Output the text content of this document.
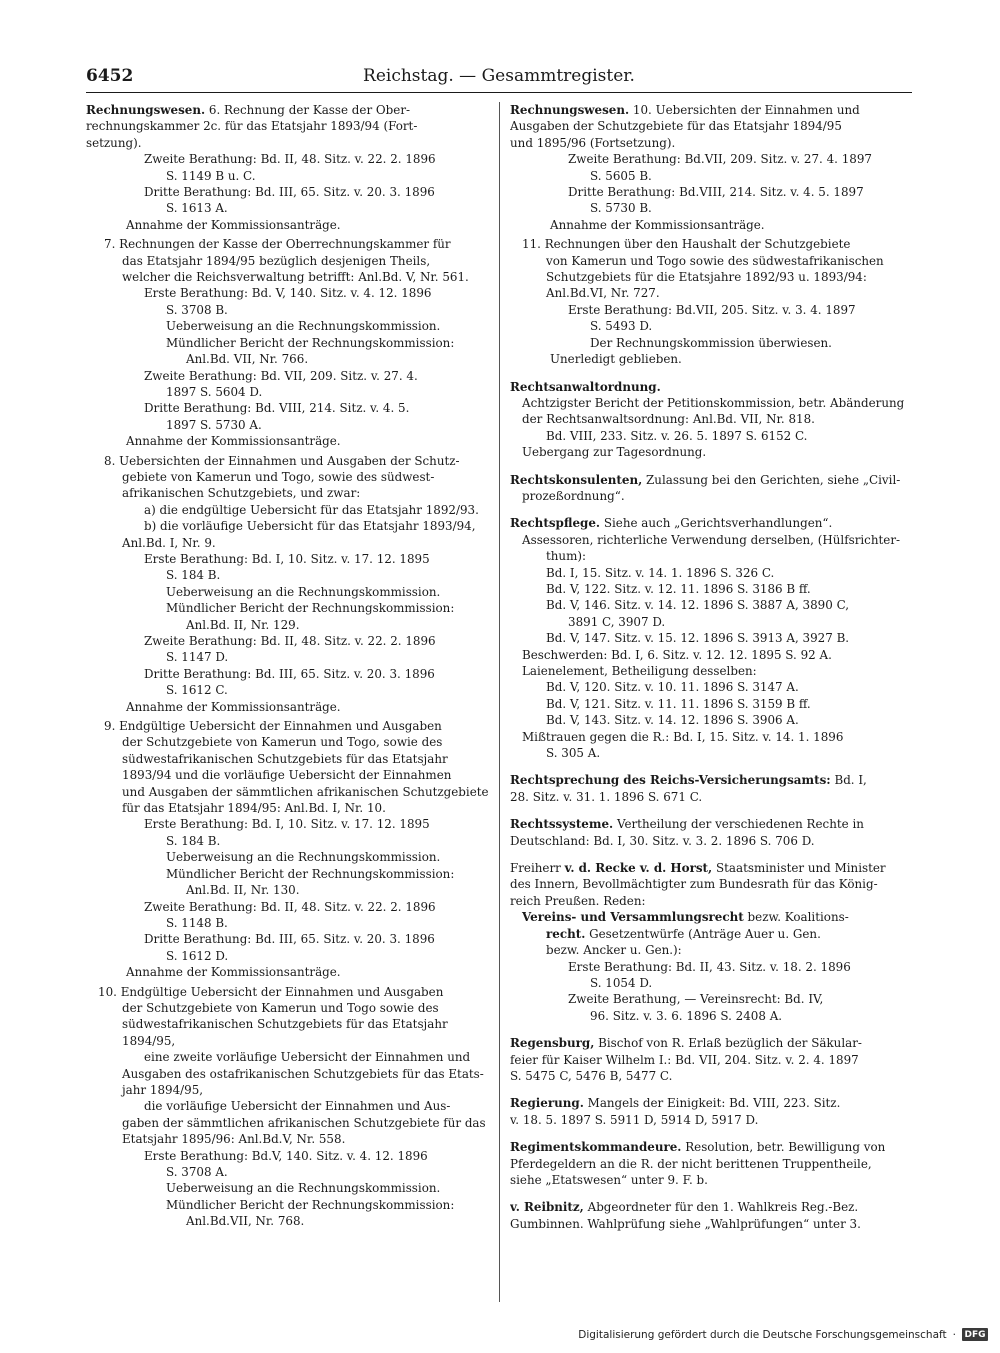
6452	Reichstag. — Gesammtregister.
Rechnungswesen. 6. Rechnung der Kasse der Ober-
rechnungskammer 2c. für das Etatsjahr 1893/94 (Fort-
setzung).
Zweite Berathung: Bd. II, 48. Sitz. v. 22. 2. 1896
S. 1149 B u. C.
Dritte Berathung: Bd. III, 65. Sitz. v. 20. 3. 1896
S. 1613 A.
Annahme der Kommissionsanträge.
7. Rechnungen der Kasse der Oberrechnungskammer für
das Etatsjahr 1894/95 bezüglich desjenigen Theils,
welcher die Reichsverwaltung betrifft: Anl.Bd. V, Nr. 561.
Erste Berathung: Bd. V, 140. Sitz. v. 4. 12. 1896
S. 3708 B.
Ueberweisung an die Rechnungskommission.
Mündlicher Bericht der Rechnungskommission:
Anl.Bd. VII, Nr. 766.
Zweite Berathung: Bd. VII, 209. Sitz. v. 27. 4.
1897 S. 5604 D.
Dritte Berathung: Bd. VIII, 214. Sitz. v. 4. 5.
1897 S. 5730 A.
Annahme der Kommissionsanträge.
8. Uebersichten der Einnahmen und Ausgaben der Schutz-
gebiete von Kamerun und Togo, sowie des südwest-
afrikanischen Schutzgebiets, und zwar:
a) die endgültige Uebersicht für das Etatsjahr 1892/93.
b) die vorläufige Uebersicht für das Etatsjahr 1893/94,
Anl.Bd. I, Nr. 9.
Erste Berathung: Bd. I, 10. Sitz. v. 17. 12. 1895
S. 184 B.
Ueberweisung an die Rechnungskommission.
Mündlicher Bericht der Rechnungskommission:
Anl.Bd. II, Nr. 129.
Zweite Berathung: Bd. II, 48. Sitz. v. 22. 2. 1896
S. 1147 D.
Dritte Berathung: Bd. III, 65. Sitz. v. 20. 3. 1896
S. 1612 C.
Annahme der Kommissionsanträge.
9. Endgültige Uebersicht der Einnahmen und Ausgaben
der Schutzgebiete von Kamerun und Togo, sowie des
südwestafrikanischen Schutzgebiets für das Etatsjahr
1893/94 und die vorläufige Uebersicht der Einnahmen
und Ausgaben der sämmtlichen afrikanischen Schutzgebiete
für das Etatsjahr 1894/95: Anl.Bd. I, Nr. 10.
Erste Berathung: Bd. I, 10. Sitz. v. 17. 12. 1895
S. 184 B.
Ueberweisung an die Rechnungskommission.
Mündlicher Bericht der Rechnungskommission:
Anl.Bd. II, Nr. 130.
Zweite Berathung: Bd. II, 48. Sitz. v. 22. 2. 1896
S. 1148 B.
Dritte Berathung: Bd. III, 65. Sitz. v. 20. 3. 1896
S. 1612 D.
Annahme der Kommissionsanträge.
10. Endgültige Uebersicht der Einnahmen und Ausgaben
der Schutzgebiete von Kamerun und Togo sowie des
südwestafrikanischen Schutzgebiets für das Etatsjahr
1894/95,
eine zweite vorläufige Uebersicht der Einnahmen und
Ausgaben des ostafrikanischen Schutzgebiets für das Etats-
jahr 1894/95,
die vorläufige Uebersicht der Einnahmen und Aus-
gaben der sämmtlichen afrikanischen Schutzgebiete für das
Etatsjahr 1895/96: Anl.Bd.V, Nr. 558.
Erste Berathung: Bd.V, 140. Sitz. v. 4. 12. 1896
S. 3708 A.
Ueberweisung an die Rechnungskommission.
Mündlicher Bericht der Rechnungskommission:
Anl.Bd.VII, Nr. 768.
Rechnungswesen. 10. Uebersichten der Einnahmen und
Ausgaben der Schutzgebiete für das Etatsjahr 1894/95
und 1895/96 (Fortsetzung).
Zweite Berathung: Bd.VII, 209. Sitz. v. 27. 4. 1897
S. 5605 B.
Dritte Berathung: Bd.VIII, 214. Sitz. v. 4. 5. 1897
S. 5730 B.
Annahme der Kommissionsanträge.
11. Rechnungen über den Haushalt der Schutzgebiete
von Kamerun und Togo sowie des südwestafrikanischen
Schutzgebiets für die Etatsjahre 1892/93 u. 1893/94:
Anl.Bd.VI, Nr. 727.
Erste Berathung: Bd.VII, 205. Sitz. v. 3. 4. 1897
S. 5493 D.
Der Rechnungskommission überwiesen.
Unerledigt geblieben.
Rechtsanwaltordnung.
Achtzigster Bericht der Petitionskommission, betr. Abänderung
der Rechtsanwaltsordnung: Anl.Bd. VII, Nr. 818.
Bd. VIII, 233. Sitz. v. 26. 5. 1897 S. 6152 C.
Uebergang zur Tagesordnung.
Rechtskonsulenten, Zulassung bei den Gerichten, siehe „Civil-
prozeßordnung“.
Rechtspflege. Siehe auch „Gerichtsverhandlungen“.
Assessoren, richterliche Verwendung derselben, (Hülfsrichter-
thum):
Bd. I, 15. Sitz. v. 14. 1. 1896 S. 326 C.
Bd. V, 122. Sitz. v. 12. 11. 1896 S. 3186 B ff.
Bd. V, 146. Sitz. v. 14. 12. 1896 S. 3887 A, 3890 C,
3891 C, 3907 D.
Bd. V, 147. Sitz. v. 15. 12. 1896 S. 3913 A, 3927 B.
Beschwerden: Bd. I, 6. Sitz. v. 12. 12. 1895 S. 92 A.
Laienelement, Betheiligung desselben:
Bd. V, 120. Sitz. v. 10. 11. 1896 S. 3147 A.
Bd. V, 121. Sitz. v. 11. 11. 1896 S. 3159 B ff.
Bd. V, 143. Sitz. v. 14. 12. 1896 S. 3906 A.
Mißtrauen gegen die R.: Bd. I, 15. Sitz. v. 14. 1. 1896
S. 305 A.
Rechtsprechung des Reichs-Versicherungsamts: Bd. I,
28. Sitz. v. 31. 1. 1896 S. 671 C.
Rechtssysteme. Vertheilung der verschiedenen Rechte in
Deutschland: Bd. I, 30. Sitz. v. 3. 2. 1896 S. 706 D.
Freiherr v. d. Recke v. d. Horst, Staatsminister und Minister
des Innern, Bevollmächtigter zum Bundesrath für das König-
reich Preußen. Reden:
Vereins- und Versammlungsrecht bezw. Koalitions-
recht. Gesetzentwürfe (Anträge Auer u. Gen.
bezw. Ancker u. Gen.):
Erste Berathung: Bd. II, 43. Sitz. v. 18. 2. 1896
S. 1054 D.
Zweite Berathung, — Vereinsrecht: Bd. IV,
96. Sitz. v. 3. 6. 1896 S. 2408 A.
Regensburg, Bischof von R. Erlaß bezüglich der Säkular-
feier für Kaiser Wilhelm I.: Bd. VII, 204. Sitz. v. 2. 4. 1897
S. 5475 C, 5476 B, 5477 C.
Regierung. Mangels der Einigkeit: Bd. VIII, 223. Sitz.
v. 18. 5. 1897 S. 5911 D, 5914 D, 5917 D.
Regimentskommandeure. Resolution, betr. Bewilligung von
Pferdegeldern an die R. der nicht berittenen Truppentheile,
siehe „Etatswesen“ unter 9. F. b.
v. Reibnitz, Abgeordneter für den 1. Wahlkreis Reg.-Bez.
Gumbinnen. Wahlprüfung siehe „Wahlprüfungen“ unter 3.
Digitalisierung gefördert durch die Deutsche Forschungsgemeinschaft · DFG
